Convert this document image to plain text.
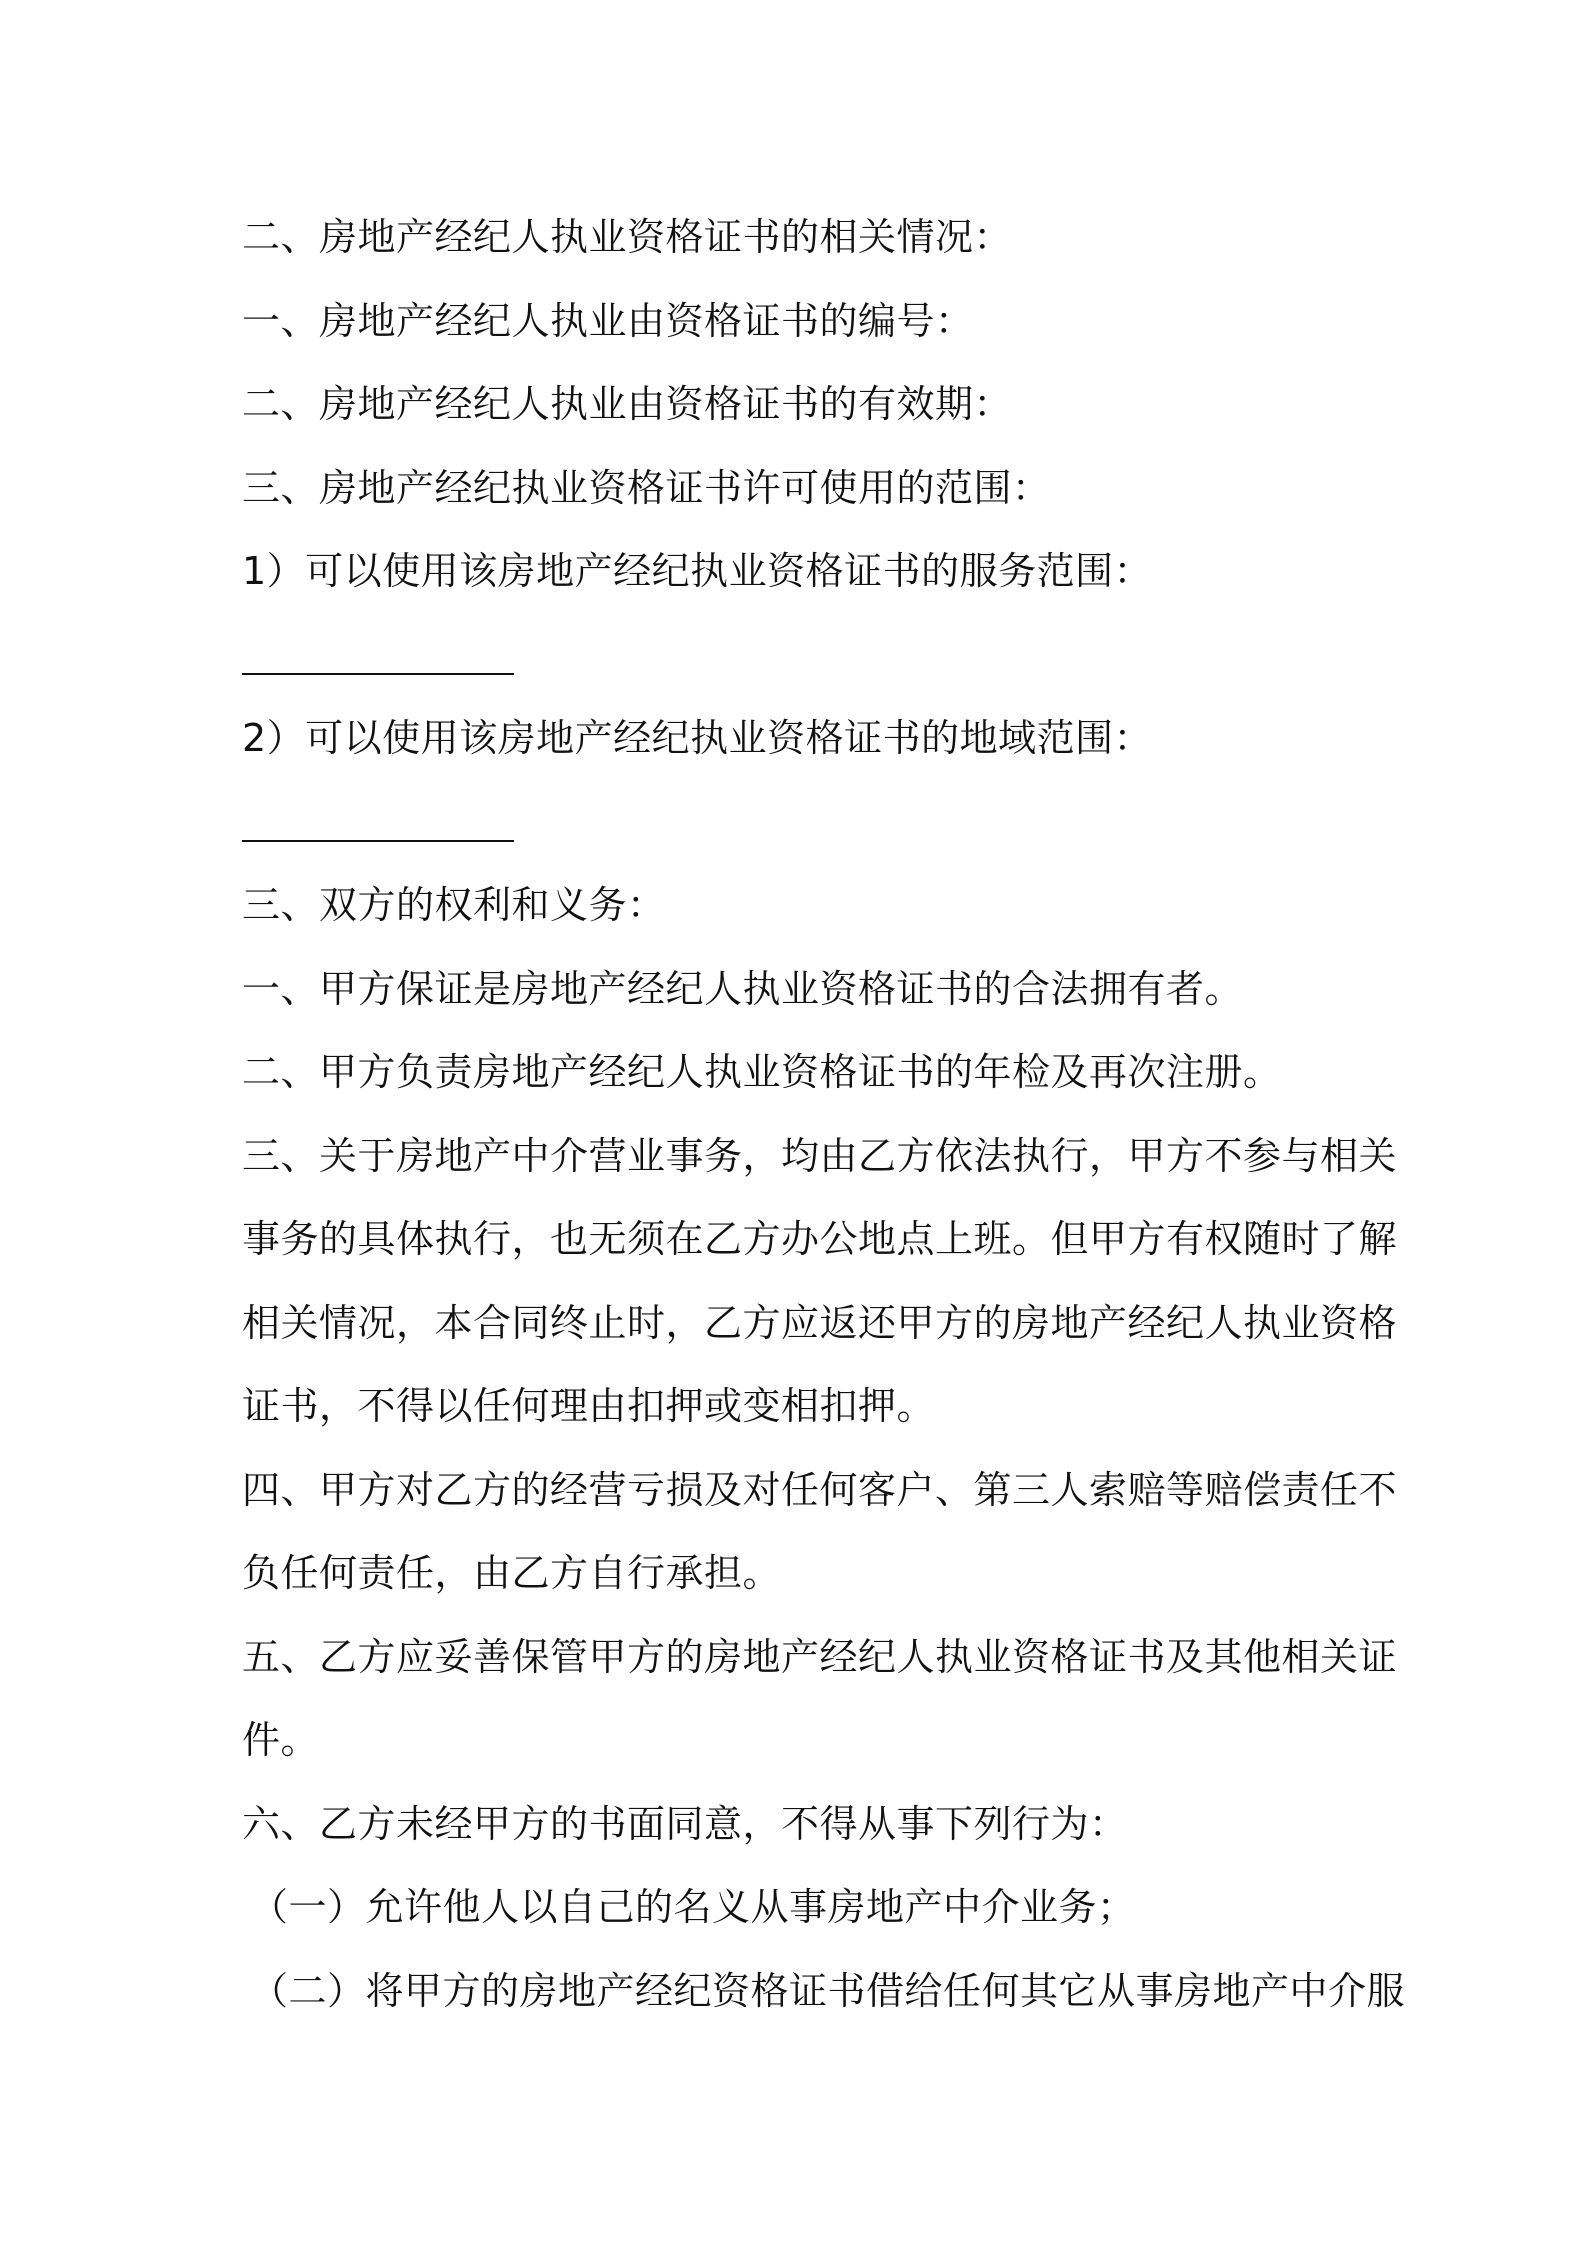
二、房地产经纪人执业资格证书的相关情况：
一、房地产经纪人执业由资格证书的编号：
二、房地产经纪人执业由资格证书的有效期：
三、房地产经纪执业资格证书许可使用的范围：
1）可以使用该房地产经纪执业资格证书的服务范围：
2）可以使用该房地产经纪执业资格证书的地域范围：
三、双方的权利和义务：
一、甲方保证是房地产经纪人执业资格证书的合法拥有者。
二、甲方负责房地产经纪人执业资格证书的年检及再次注册。
三、关于房地产中介营业事务，均由乙方依法执行，甲方不参与相关
事务的具体执行，也无须在乙方办公地点上班。但甲方有权随时了解
相关情况，本合同终止时，乙方应返还甲方的房地产经纪人执业资格
证书，不得以任何理由扣押或变相扣押。
四、甲方对乙方的经营亏损及对任何客户、第三人索赔等赔偿责任不
负任何责任，由乙方自行承担。
五、乙方应妥善保管甲方的房地产经纪人执业资格证书及其他相关证
件。
六、乙方未经甲方的书面同意，不得从事下列行为：
（一）允许他人以自己的名义从事房地产中介业务；
（二）将甲方的房地产经纪资格证书借给任何其它从事房地产中介服
